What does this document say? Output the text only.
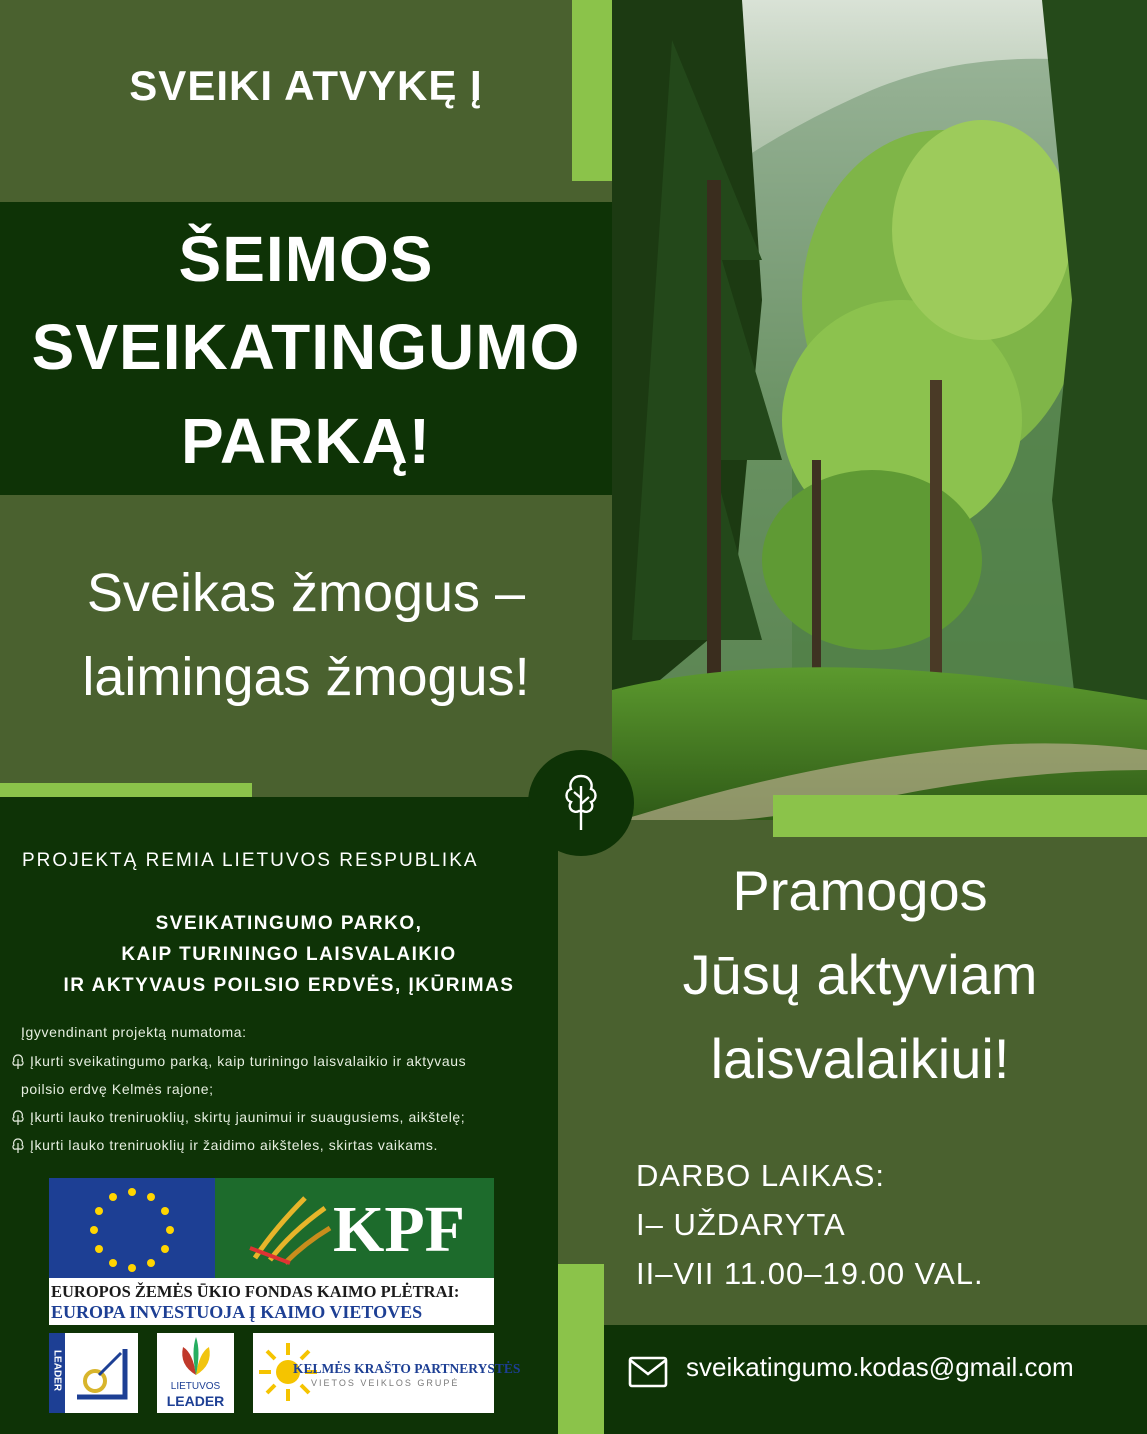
SVEIKI ATVYKĘ Į
ŠEIMOS
SVEIKATINGUMO
PARKĄ!
Sveikas žmogus –
laimingas žmogus!
PROJEKTĄ REMIA LIETUVOS RESPUBLIKA
SVEIKATINGUMO PARKO,
KAIP TURININGO LAISVALAIKIO
IR AKTYVAUS POILSIO ERDVĖS, ĮKŪRIMAS
Įgyvendinant projektą numatoma:
Įkurti sveikatingumo parką, kaip turiningo laisvalaikio ir aktyvaus
poilsio erdvę Kelmės rajone;
Įkurti lauko treniruoklių, skirtų jaunimui ir suaugusiems, aikštelę;
Įkurti lauko treniruoklių ir žaidimo aikšteles, skirtas vaikams.
KPF
EUROPOS ŽEMĖS ŪKIO FONDAS KAIMO PLĖTRAI:
EUROPA INVESTUOJA Į KAIMO VIETOVES
LEADER	LIETUVOS
LEADER
KELMĖS KRAŠTO PARTNERYSTĖS
VIETOS VEIKLOS GRUPĖ
Pramogos
Jūsų aktyviam
laisvalaikiui!
DARBO LAIKAS:
I– UŽDARYTA
II–VII 11.00–19.00 VAL.
sveikatingumo.kodas@gmail.com
